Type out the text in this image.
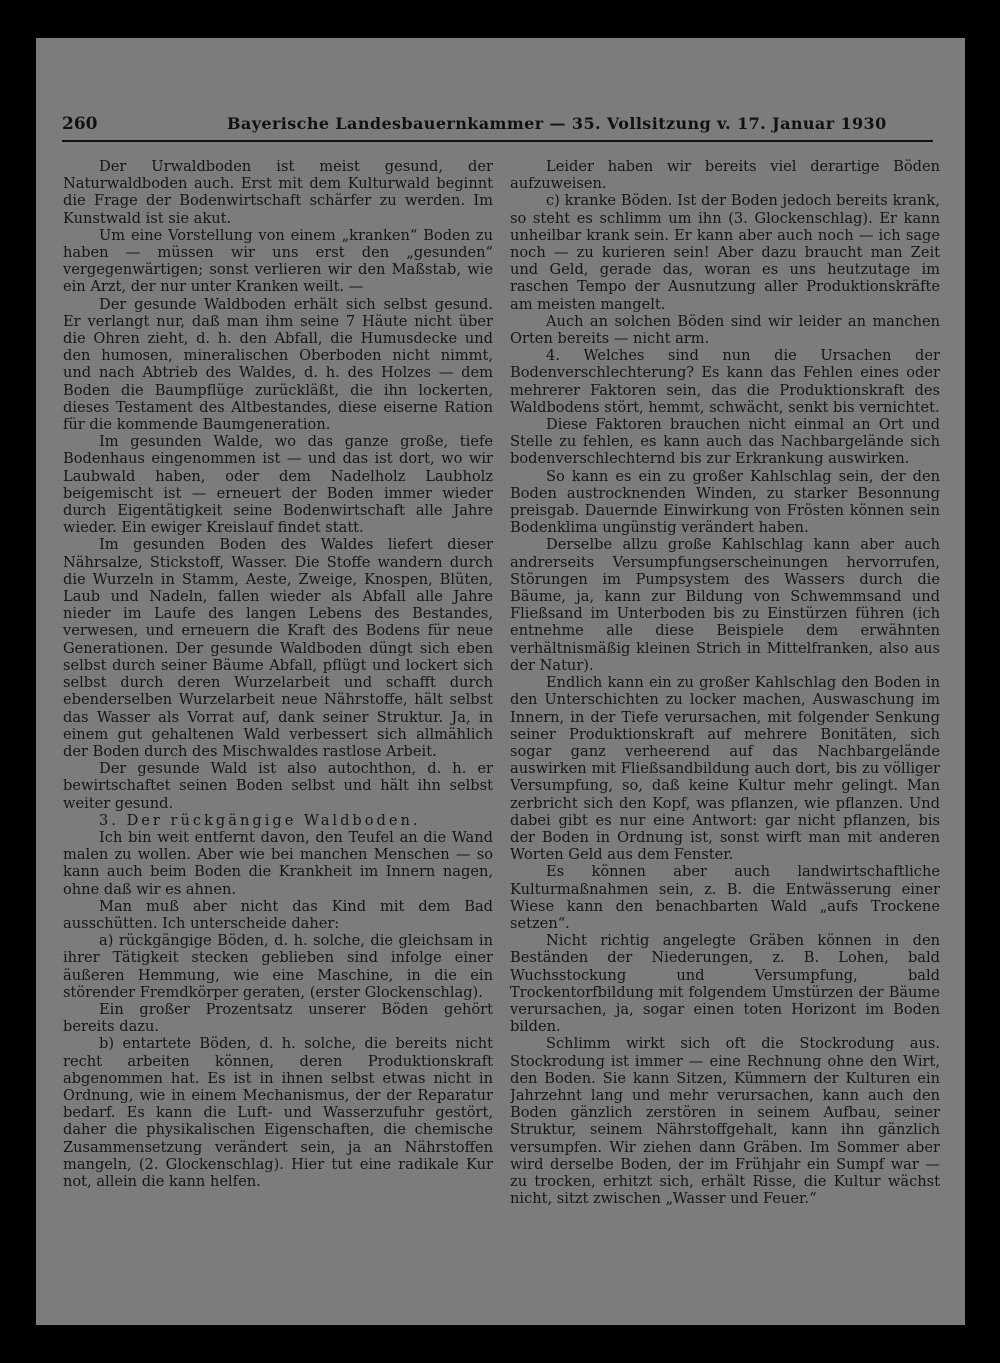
260	Bayerische Landesbauernkammer — 35. Vollsitzung v. 17. Januar 1930

Der Urwaldboden ist meist gesund, der Naturwaldboden auch. Erst mit dem Kulturwald beginnt die Frage der Bodenwirtschaft schärfer zu werden. Im Kunstwald ist sie akut.

Um eine Vorstellung von einem „kranken“ Boden zu haben — müssen wir uns erst den „gesunden“ vergegenwärtigen; sonst verlieren wir den Maßstab, wie ein Arzt, der nur unter Kranken weilt. —

Der gesunde Waldboden erhält sich selbst gesund. Er verlangt nur, daß man ihm seine 7 Häute nicht über die Ohren zieht, d. h. den Abfall, die Humusdecke und den humosen, mineralischen Oberboden nicht nimmt, und nach Abtrieb des Waldes, d. h. des Holzes — dem Boden die Baumpflüge zurückläßt, die ihn lockerten, dieses Testament des Altbestandes, diese eiserne Ration für die kommende Baumgeneration.

Im gesunden Walde, wo das ganze große, tiefe Bodenhaus eingenommen ist — und das ist dort, wo wir Laubwald haben, oder dem Nadelholz Laubholz beigemischt ist — erneuert der Boden immer wieder durch Eigentätigkeit seine Bodenwirtschaft alle Jahre wieder. Ein ewiger Kreislauf findet statt.

Im gesunden Boden des Waldes liefert dieser Nährsalze, Stickstoff, Wasser. Die Stoffe wandern durch die Wurzeln in Stamm, Aeste, Zweige, Knospen, Blüten, Laub und Nadeln, fallen wieder als Abfall alle Jahre nieder im Laufe des langen Lebens des Bestandes, verwesen, und erneuern die Kraft des Bodens für neue Generationen. Der gesunde Waldboden düngt sich eben selbst durch seiner Bäume Abfall, pflügt und lockert sich selbst durch deren Wurzelarbeit und schafft durch ebenderselben Wurzelarbeit neue Nährstoffe, hält selbst das Wasser als Vorrat auf, dank seiner Struktur. Ja, in einem gut gehaltenen Wald verbessert sich allmählich der Boden durch des Mischwaldes rastlose Arbeit.

Der gesunde Wald ist also autochthon, d. h. er bewirtschaftet seinen Boden selbst und hält ihn selbst weiter gesund.

3. Der rückgängige Waldboden.

Ich bin weit entfernt davon, den Teufel an die Wand malen zu wollen. Aber wie bei manchen Menschen — so kann auch beim Boden die Krankheit im Innern nagen, ohne daß wir es ahnen.

Man muß aber nicht das Kind mit dem Bad ausschütten. Ich unterscheide daher:

a) rückgängige Böden, d. h. solche, die gleichsam in ihrer Tätigkeit stecken geblieben sind infolge einer äußeren Hemmung, wie eine Maschine, in die ein störender Fremdkörper geraten, (erster Glockenschlag).

Ein großer Prozentsatz unserer Böden gehört bereits dazu.

b) entartete Böden, d. h. solche, die bereits nicht recht arbeiten können, deren Produktionskraft abgenommen hat. Es ist in ihnen selbst etwas nicht in Ordnung, wie in einem Mechanismus, der der Reparatur bedarf. Es kann die Luft- und Wasserzufuhr gestört, daher die physikalischen Eigenschaften, die chemische Zusammensetzung verändert sein, ja an Nährstoffen mangeln, (2. Glockenschlag). Hier tut eine radikale Kur not, allein die kann helfen.

Leider haben wir bereits viel derartige Böden aufzuweisen.

c) kranke Böden. Ist der Boden jedoch bereits krank, so steht es schlimm um ihn (3. Glockenschlag). Er kann unheilbar krank sein. Er kann aber auch noch — ich sage noch — zu kurieren sein! Aber dazu braucht man Zeit und Geld, gerade das, woran es uns heutzutage im raschen Tempo der Ausnutzung aller Produktionskräfte am meisten mangelt.

Auch an solchen Böden sind wir leider an manchen Orten bereits — nicht arm.

4. Welches sind nun die Ursachen der Bodenverschlechterung? Es kann das Fehlen eines oder mehrerer Faktoren sein, das die Produktionskraft des Waldbodens stört, hemmt, schwächt, senkt bis vernichtet.

Diese Faktoren brauchen nicht einmal an Ort und Stelle zu fehlen, es kann auch das Nachbargelände sich bodenverschlechternd bis zur Erkrankung auswirken.

So kann es ein zu großer Kahlschlag sein, der den Boden austrocknenden Winden, zu starker Besonnung preisgab. Dauernde Einwirkung von Frösten können sein Bodenklima ungünstig verändert haben.

Derselbe allzu große Kahlschlag kann aber auch andrerseits Versumpfungserscheinungen hervorrufen, Störungen im Pumpsystem des Wassers durch die Bäume, ja, kann zur Bildung von Schwemmsand und Fließsand im Unterboden bis zu Einstürzen führen (ich entnehme alle diese Beispiele dem erwähnten verhältnismäßig kleinen Strich in Mittelfranken, also aus der Natur).

Endlich kann ein zu großer Kahlschlag den Boden in den Unterschichten zu locker machen, Auswaschung im Innern, in der Tiefe verursachen, mit folgender Senkung seiner Produktionskraft auf mehrere Bonitäten, sich sogar ganz verheerend auf das Nachbargelände auswirken mit Fließsandbildung auch dort, bis zu völliger Versumpfung, so, daß keine Kultur mehr gelingt. Man zerbricht sich den Kopf, was pflanzen, wie pflanzen. Und dabei gibt es nur eine Antwort: gar nicht pflanzen, bis der Boden in Ordnung ist, sonst wirft man mit anderen Worten Geld aus dem Fenster.

Es können aber auch landwirtschaftliche Kulturmaßnahmen sein, z. B. die Entwässerung einer Wiese kann den benachbarten Wald „aufs Trockene setzen“.

Nicht richtig angelegte Gräben können in den Beständen der Niederungen, z. B. Lohen, bald Wuchsstockung und Versumpfung, bald Trockentorfbildung mit folgendem Umstürzen der Bäume verursachen, ja, sogar einen toten Horizont im Boden bilden.

Schlimm wirkt sich oft die Stockrodung aus. Stockrodung ist immer — eine Rechnung ohne den Wirt, den Boden. Sie kann Sitzen, Kümmern der Kulturen ein Jahrzehnt lang und mehr verursachen, kann auch den Boden gänzlich zerstören in seinem Aufbau, seiner Struktur, seinem Nährstoffgehalt, kann ihn gänzlich versumpfen. Wir ziehen dann Gräben. Im Sommer aber wird derselbe Boden, der im Frühjahr ein Sumpf war — zu trocken, erhitzt sich, erhält Risse, die Kultur wächst nicht, sitzt zwischen „Wasser und Feuer.“
